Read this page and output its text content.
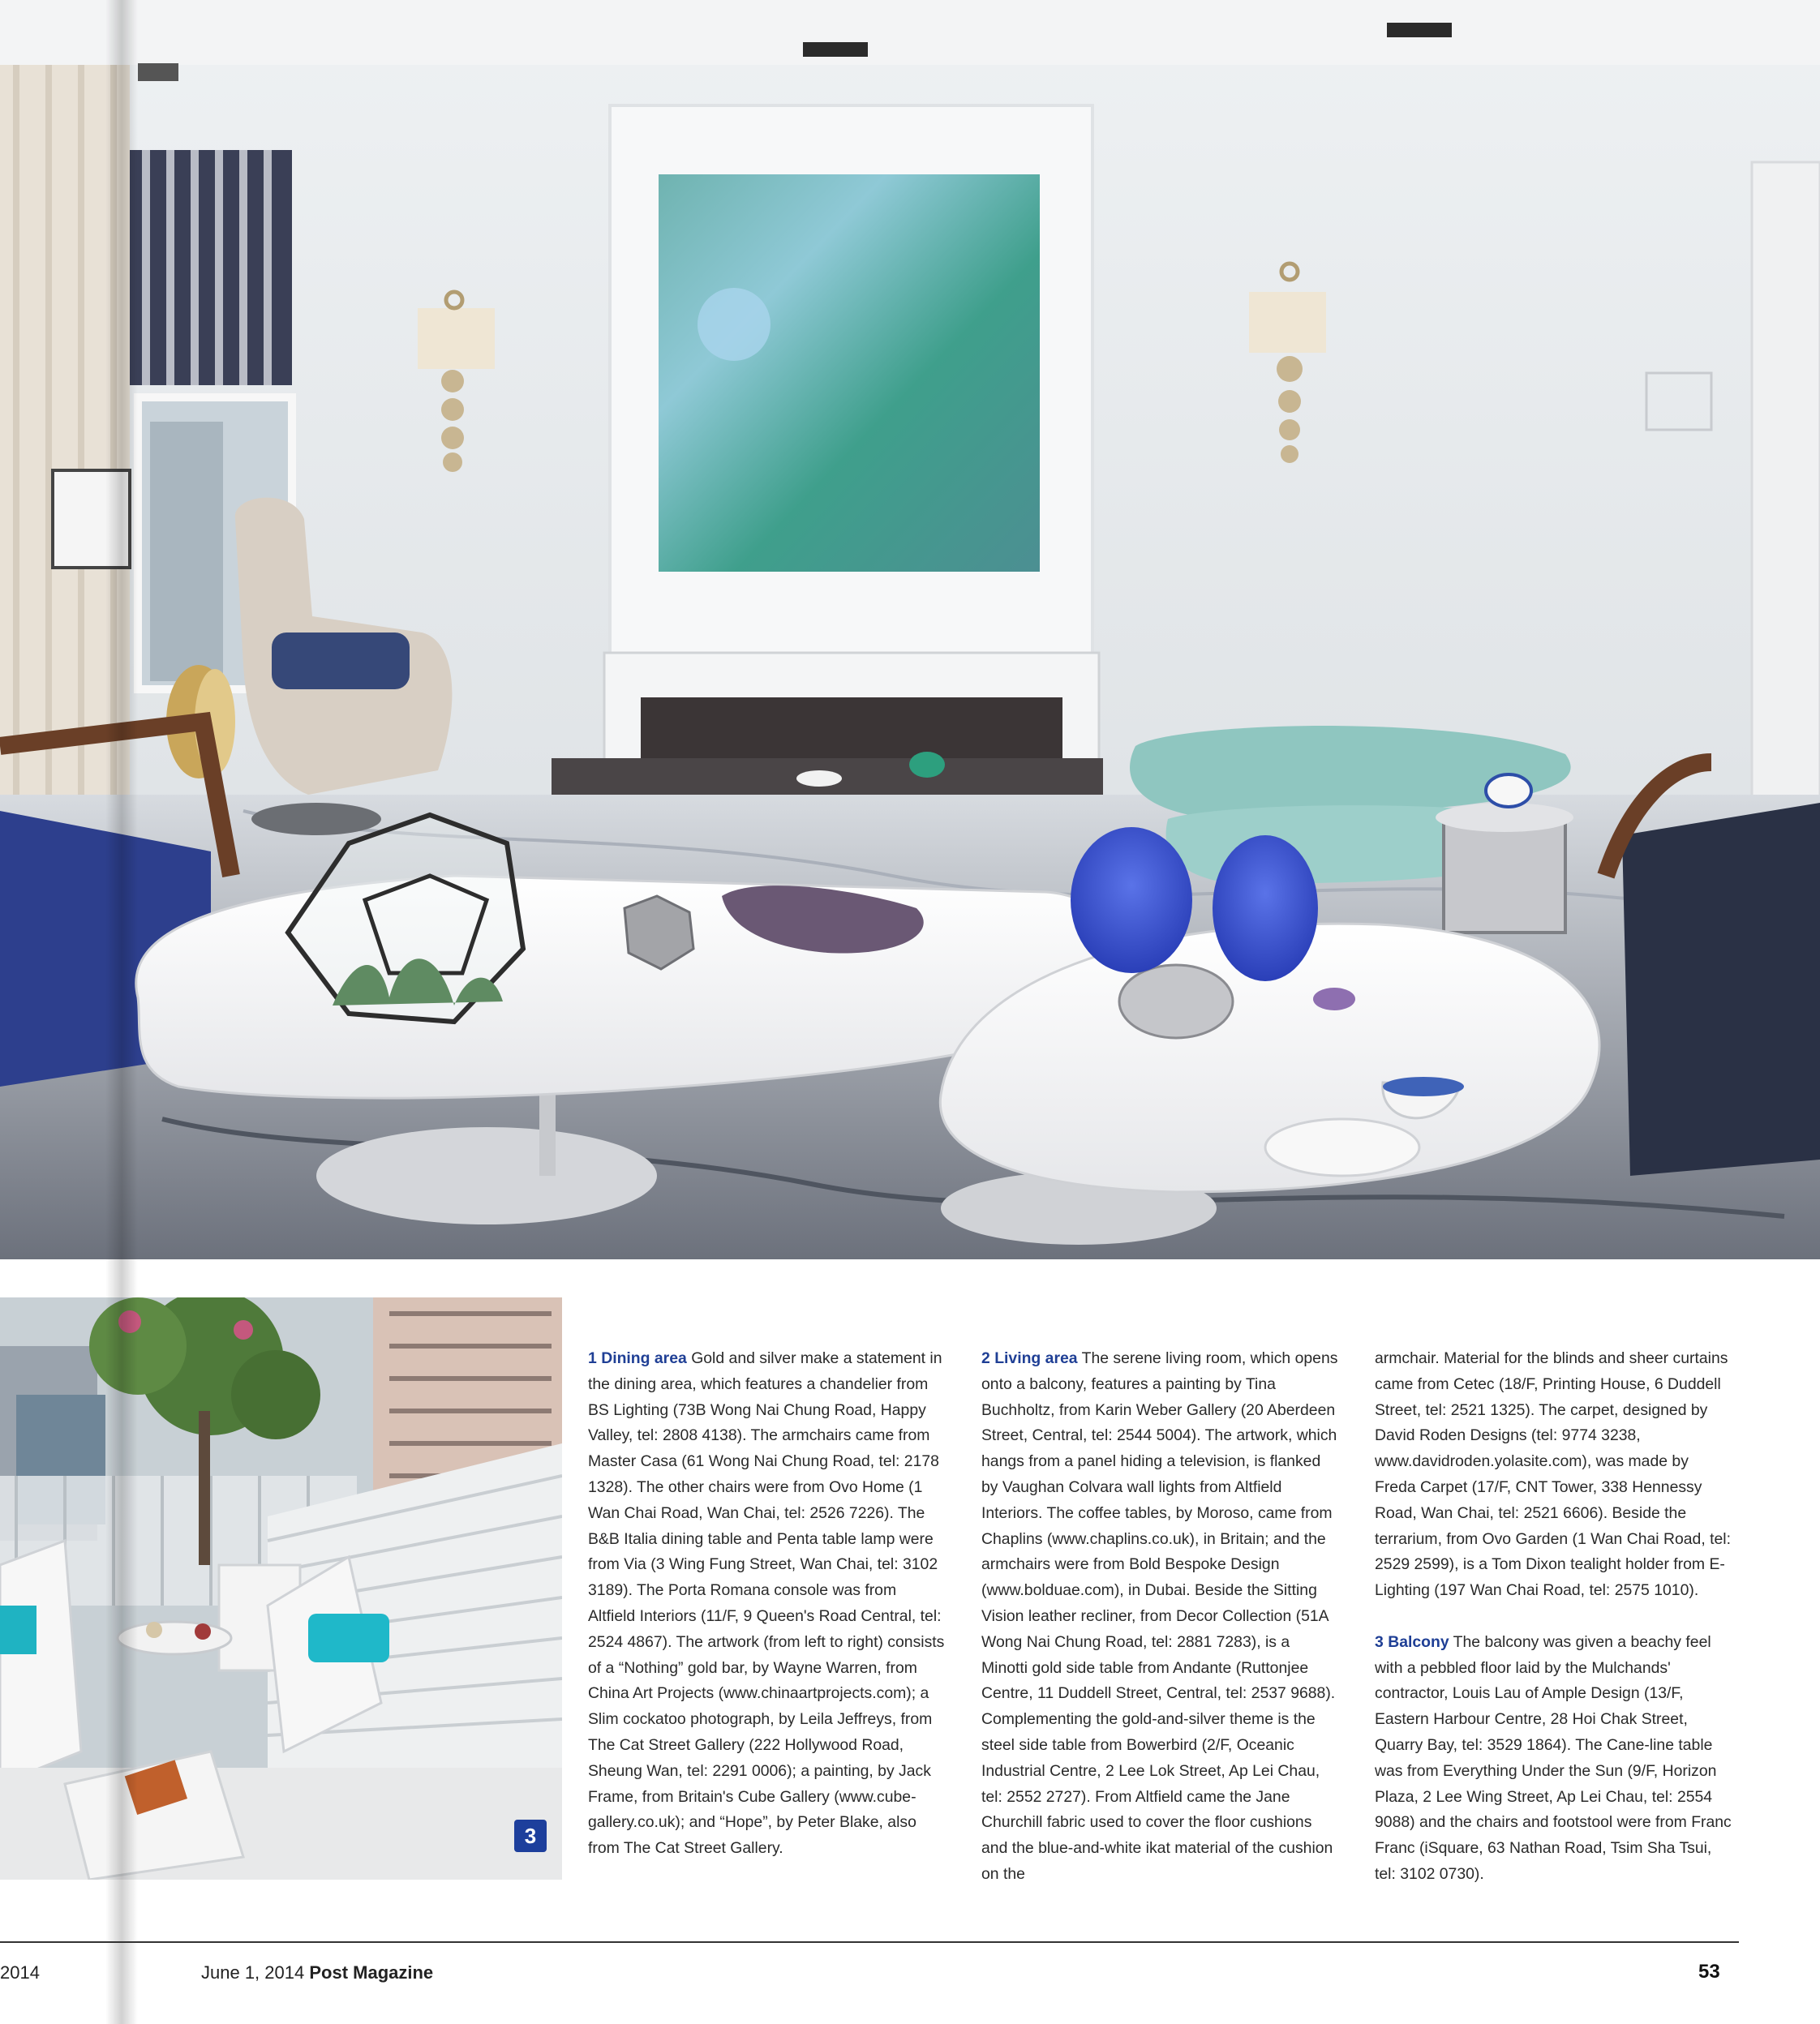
3

1 Dining area Gold and silver make a statement in the dining area, which features a chandelier from BS Lighting (73B Wong Nai Chung Road, Happy Valley, tel: 2808 4138). The armchairs came from Master Casa (61 Wong Nai Chung Road, tel: 2178 1328). The other chairs were from Ovo Home (1 Wan Chai Road, Wan Chai, tel: 2526 7226). The B&B Italia dining table and Penta table lamp were from Via (3 Wing Fung Street, Wan Chai, tel: 3102 3189). The Porta Romana console was from Altfield Interiors (11/F, 9 Queen's Road Central, tel: 2524 4867). The artwork (from left to right) consists of a “Nothing” gold bar, by Wayne Warren, from China Art Projects (www.chinaartprojects.com); a Slim cockatoo photograph, by Leila Jeffreys, from The Cat Street Gallery (222 Hollywood Road, Sheung Wan, tel: 2291 0006); a painting, by Jack Frame, from Britain's Cube Gallery (www.cube-gallery.co.uk); and “Hope”, by Peter Blake, also from The Cat Street Gallery.

2 Living area The serene living room, which opens onto a balcony, features a painting by Tina Buchholtz, from Karin Weber Gallery (20 Aberdeen Street, Central, tel: 2544 5004). The artwork, which hangs from a panel hiding a television, is flanked by Vaughan Colvara wall lights from Altfield Interiors. The coffee tables, by Moroso, came from Chaplins (www.chaplins.co.uk), in Britain; and the armchairs were from Bold Bespoke Design (www.bolduae.com), in Dubai. Beside the Sitting Vision leather recliner, from Decor Collection (51A Wong Nai Chung Road, tel: 2881 7283), is a Minotti gold side table from Andante (Ruttonjee Centre, 11 Duddell Street, Central, tel: 2537 9688). Complementing the gold-and-silver theme is the steel side table from Bowerbird (2/F, Oceanic Industrial Centre, 2 Lee Lok Street, Ap Lei Chau, tel: 2552 2727). From Altfield came the Jane Churchill fabric used to cover the floor cushions and the blue-and-white ikat material of the cushion on the

armchair. Material for the blinds and sheer curtains came from Cetec (18/F, Printing House, 6 Duddell Street, tel: 2521 1325). The carpet, designed by David Roden Designs (tel: 9774 3238, www.davidroden.yolasite.com), was made by Freda Carpet (17/F, CNT Tower, 338 Hennessy Road, Wan Chai, tel: 2521 6606). Beside the terrarium, from Ovo Garden (1 Wan Chai Road, tel: 2529 2599), is a Tom Dixon tealight holder from E-Lighting (197 Wan Chai Road, tel: 2575 1010).

3 Balcony The balcony was given a beachy feel with a pebbled floor laid by the Mulchands' contractor, Louis Lau of Ample Design (13/F, Eastern Harbour Centre, 28 Hoi Chak Street, Quarry Bay, tel: 3529 1864). The Cane-line table was from Everything Under the Sun (9/F, Horizon Plaza, 2 Lee Wing Street, Ap Lei Chau, tel: 2554 9088) and the chairs and footstool were from Franc Franc (iSquare, 63 Nathan Road, Tsim Sha Tsui, tel: 3102 0730).

2014	June 1, 2014 Post Magazine	53
